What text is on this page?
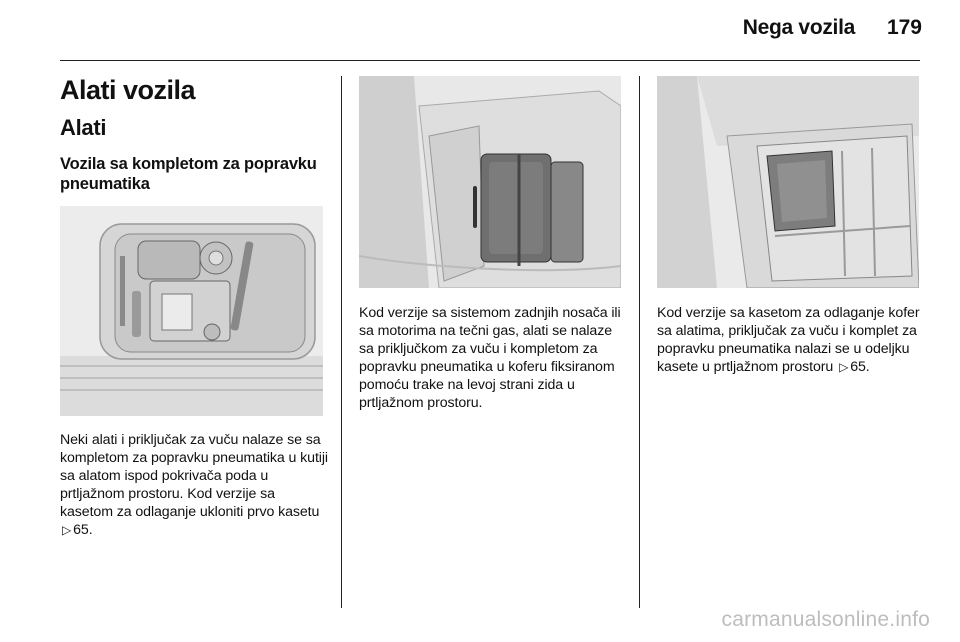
Nega vozila	179
Alati vozila
Alati
Vozila sa kompletom za popravku pneumatika
Neki alati i priključak za vuču nalaze se sa kompletom za popravku pneumatika u kutiji sa alatom ispod pokrivača poda u prtljažnom prostoru. Kod verzije sa kasetom za odlaganje ukloniti prvo kasetu ▷ 65.
Kod verzije sa sistemom zadnjih nosača ili sa motorima na tečni gas, alati se nalaze sa priključkom za vuču i kompletom za popravku pneumatika u koferu fiksiranom pomoću trake na levoj strani zida u prtljažnom prostoru.
Kod verzije sa kasetom za odlaganje kofer sa alatima, priključak za vuču i komplet za popravku pneumatika nalazi se u odeljku kasete u prtljažnom prostoru ▷ 65.
carmanualsonline.info
